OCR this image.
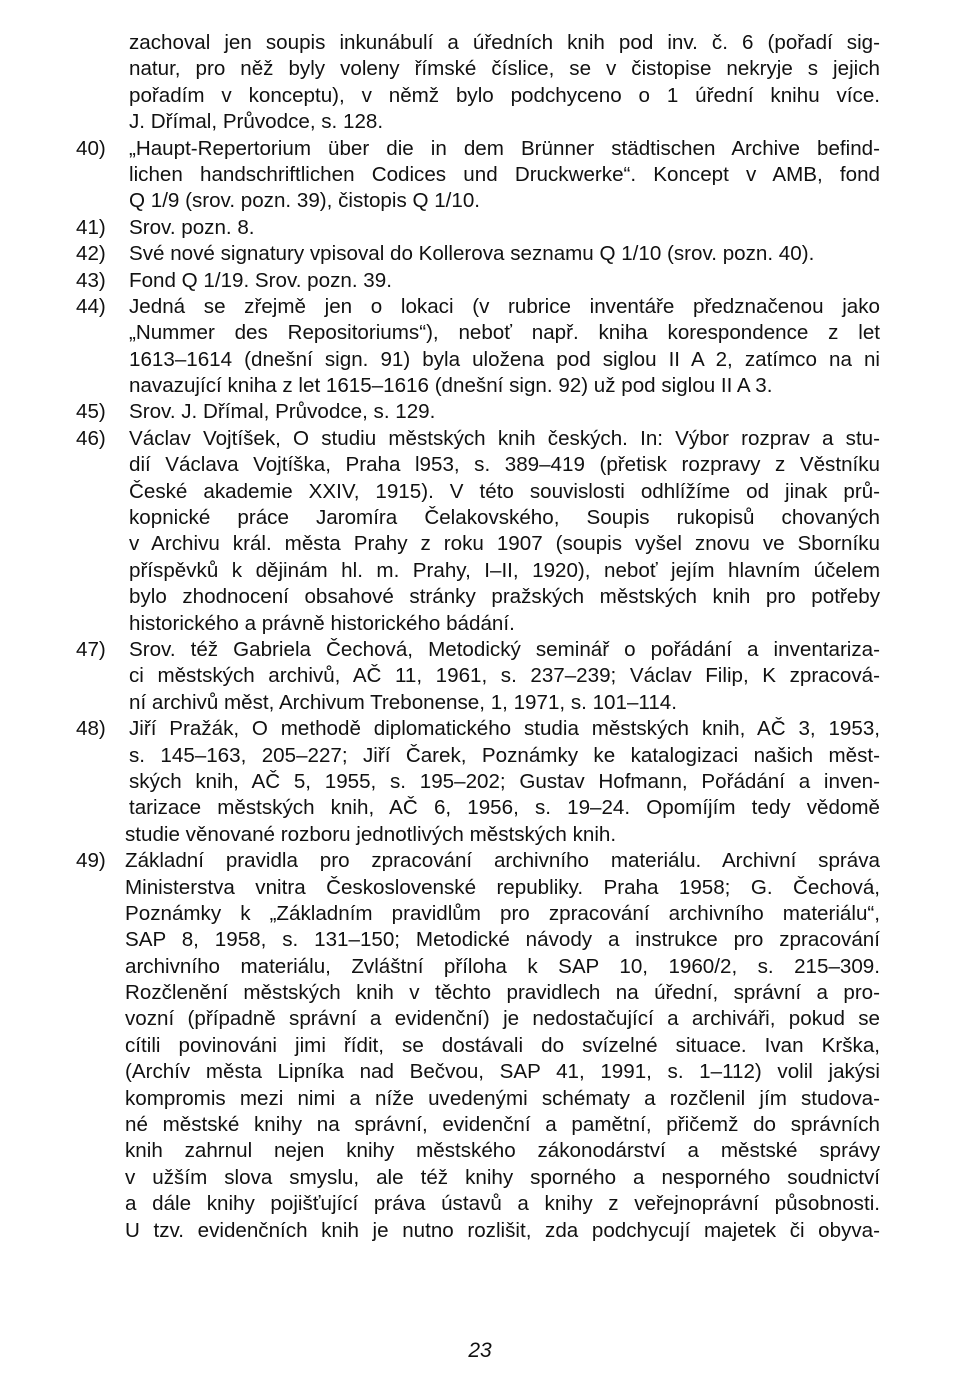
zachoval jen soupis inkunábulí a úředních knih pod inv. č. 6 (pořadí sig-
natur, pro něž byly voleny římské číslice, se v čistopise nekryje s jejich
pořadím v konceptu), v němž bylo podchyceno o 1 úřední knihu více.
J. Dřímal, Průvodce, s. 128.
40)	„Haupt-Repertorium über die in dem Brünner städtischen Archive befind-
lichen handschriftlichen Codices und Druckwerke“. Koncept v AMB, fond
Q 1/9 (srov. pozn. 39), čistopis Q 1/10.
41)	Srov. pozn. 8.
42)	Své nové signatury vpisoval do Kollerova seznamu Q 1/10 (srov. pozn. 40).
43)	Fond Q 1/19. Srov. pozn. 39.
44)	Jedná se zřejmě jen o lokaci (v rubrice inventáře předznačenou jako
„Nummer des Repositoriums“), neboť např. kniha korespondence z let
1613–1614 (dnešní sign. 91) byla uložena pod siglou II A 2, zatímco na ni
navazující kniha z let 1615–1616 (dnešní sign. 92) už pod siglou II A 3.
45)	Srov. J. Dřímal, Průvodce, s. 129.
46)	Václav Vojtíšek, O studiu městských knih českých. In: Výbor rozprav a stu-
dií Václava Vojtíška, Praha l953, s. 389–419 (přetisk rozpravy z Věstníku
České akademie XXIV, 1915). V této souvislosti odhlížíme od jinak prů-
kopnické práce Jaromíra Čelakovského, Soupis rukopisů chovaných
v Archivu král. města Prahy z roku 1907 (soupis vyšel znovu ve Sborníku
příspěvků k dějinám hl. m. Prahy, I–II, 1920), neboť jejím hlavním účelem
bylo zhodnocení obsahové stránky pražských městských knih pro potřeby
historického a právně historického bádání.
47)	Srov. též Gabriela Čechová, Metodický seminář o pořádání a inventariza-
ci městských archivů, AČ 11, 1961, s. 237–239; Václav Filip, K zpracová-
ní archivů měst, Archivum Trebonense, 1, 1971, s. 101–114.
48)	Jiří Pražák, O methodě diplomatického studia městských knih, AČ 3, 1953,
s. 145–163, 205–227; Jiří Čarek, Poznámky ke katalogizaci našich měst-
ských knih, AČ 5, 1955, s. 195–202; Gustav Hofmann, Pořádání a inven-
tarizace městských knih, AČ 6, 1956, s. 19–24. Opomíjím tedy vědomě
studie věnované rozboru jednotlivých městských knih.
49) Základní pravidla pro zpracování archivního materiálu. Archivní správa
Ministerstva vnitra Československé republiky. Praha 1958; G. Čechová,
Poznámky k „Základním pravidlům pro zpracování archivního materiálu“,
SAP 8, 1958, s. 131–150; Metodické návody a instrukce pro zpracování
archivního materiálu, Zvláštní příloha k SAP 10, 1960/2, s. 215–309.
Rozčlenění městských knih v těchto pravidlech na úřední, správní a pro-
vozní (případně správní a evidenční) je nedostačující a archiváři, pokud se
cítili povinováni jimi řídit, se dostávali do svízelné situace. Ivan Krška,
(Archív města Lipníka nad Bečvou, SAP 41, 1991, s. 1–112) volil jakýsi
kompromis mezi nimi a níže uvedenými schématy a rozčlenil jím studova-
né městské knihy na správní, evidenční a pamětní, přičemž do správních
knih zahrnul nejen knihy městského zákonodárství a městské správy
v užším slova smyslu, ale též knihy sporného a nesporného soudnictví
a dále knihy pojišťující práva ústavů a knihy z veřejnoprávní působnosti.
U tzv. evidenčních knih je nutno rozlišit, zda podchycují majetek či obyva-
23
